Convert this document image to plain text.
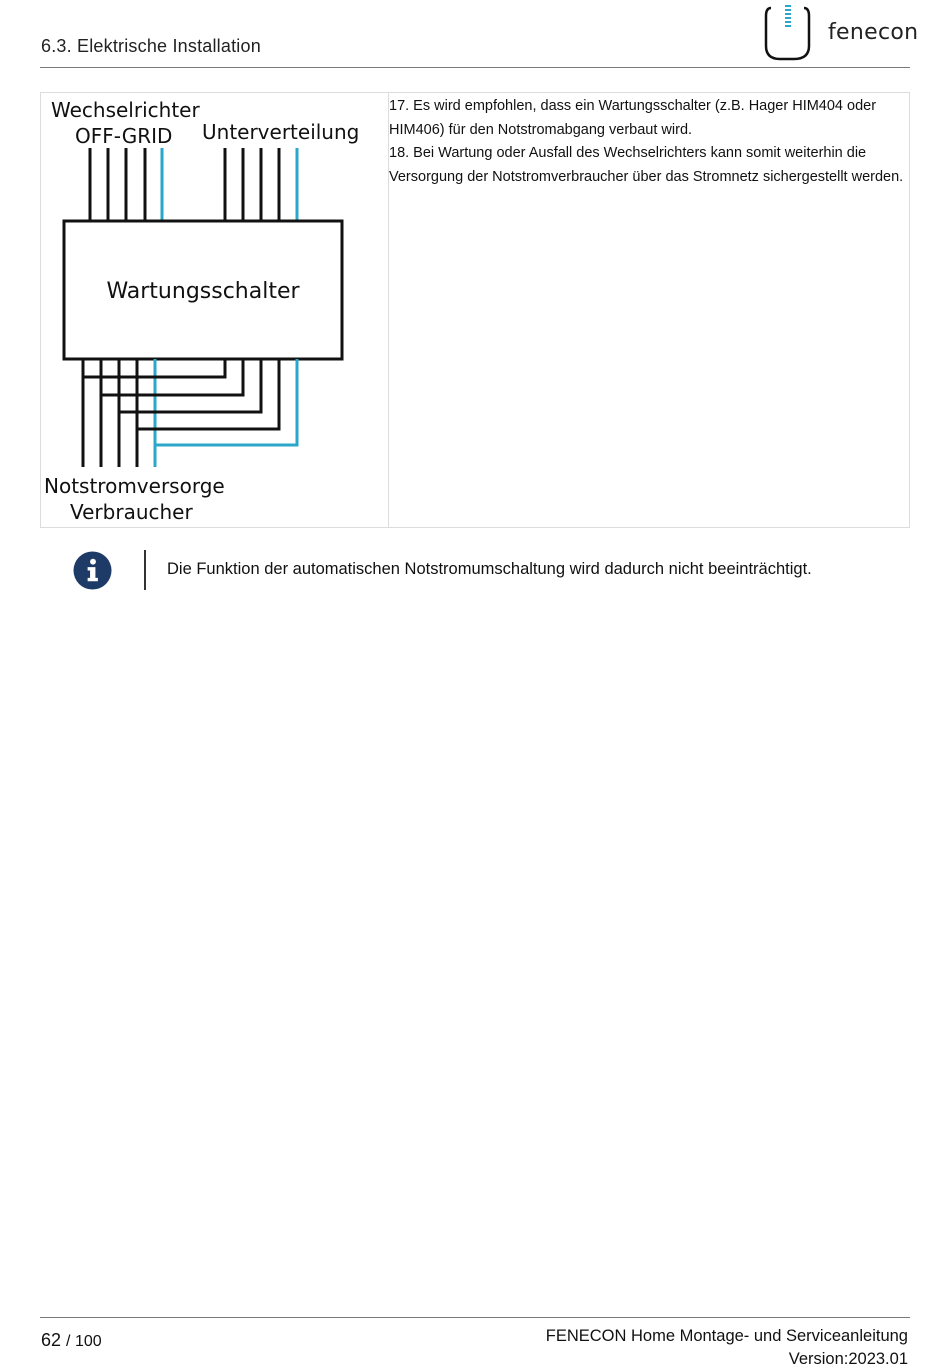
6.3. Elektrische Installation
fenecon
Wechselrichter
OFF-GRID Unterverteilung
Wartungsschalter
Notstromversorge
Verbraucher

17. Es wird empfohlen, dass ein Wartungsschalter (z.B. Hager HIM404 oder HIM406) für den Notstromabgang verbaut wird.

18. Bei Wartung oder Ausfall des Wechselrichters kann somit weiterhin die Versorgung der Notstromverbraucher über das Stromnetz sichergestellt werden.

Die Funktion der automatischen Notstromumschaltung wird dadurch nicht beeinträchtigt.
62 / 100	FENECON Home Montage- und Serviceanleitung
Version:2023.01
